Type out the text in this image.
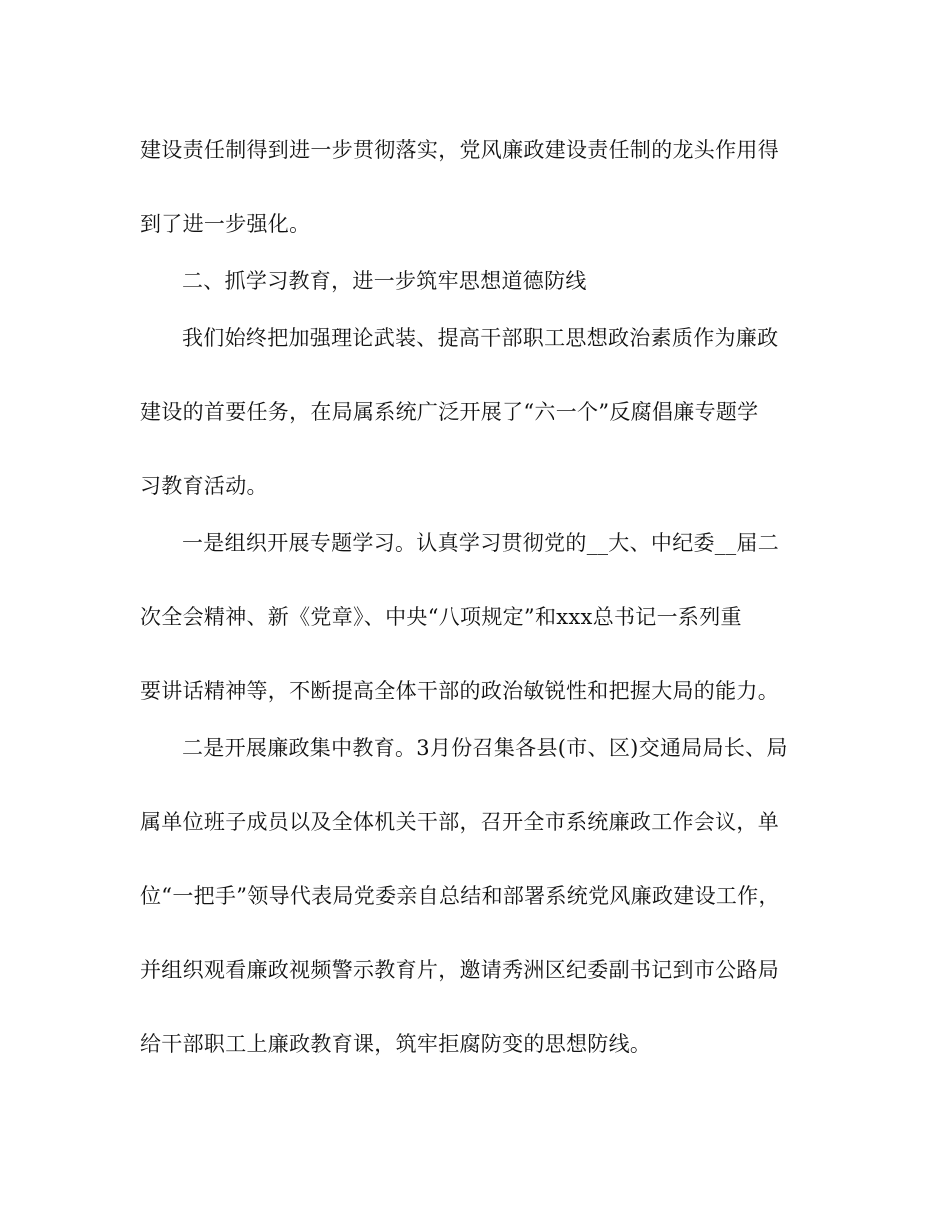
建设责任制得到进一步贯彻落实，党风廉政建设责任制的龙头作用得
到了进一步强化。
二、抓学习教育，进一步筑牢思想道德防线
我们始终把加强理论武装、提高干部职工思想政治素质作为廉政
建设的首要任务，在局属系统广泛开展了“六一个”反腐倡廉专题学
习教育活动。
一是组织开展专题学习。认真学习贯彻党的__大、中纪委__届二
次全会精神、新《党章》、中央“八项规定”和xxx总书记一系列重
要讲话精神等，不断提高全体干部的政治敏锐性和把握大局的能力。
二是开展廉政集中教育。3月份召集各县(市、区)交通局局长、局
属单位班子成员以及全体机关干部，召开全市系统廉政工作会议，单
位“一把手”领导代表局党委亲自总结和部署系统党风廉政建设工作，
并组织观看廉政视频警示教育片，邀请秀洲区纪委副书记到市公路局
给干部职工上廉政教育课，筑牢拒腐防变的思想防线。
